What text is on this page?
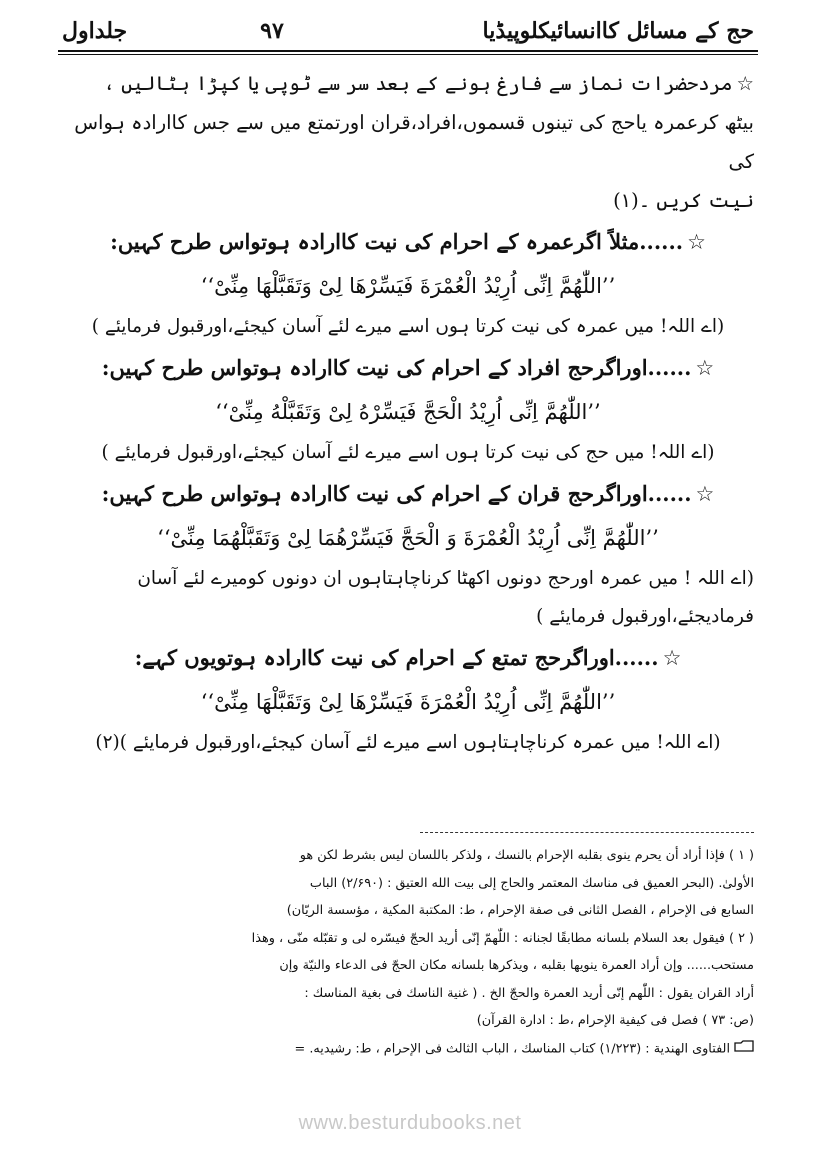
جلداول	۹۷	حج کے مسائل کاانسائیکلوپیڈیا

☆مردحضرات نماز سے فارغ ہونے کے بعد سر سے ٹوپی یا کپڑا ہٹالیں ،

بیٹھ کرعمرہ یاحج کی تینوں قسموں،افراد،قران اورتمتع میں سے جس کاارادہ ہواس کی

نیت کریں ۔(۱)

☆......مثلاً اگرعمرہ کے احرام کی نیت کاارادہ ہوتواس طرح کہیں:

’’اللّٰهُمَّ اِنِّی اُرِیْدُ الْعُمْرَةَ فَیَسِّرْهَا لِیْ وَتَقَبَّلْهَا مِنِّیْ‘‘

(اے اللہ! میں عمرہ کی نیت کرتا ہوں اسے میرے لئے آسان کیجئے،اورقبول فرمایئے )

☆......اوراگرحج افراد کے احرام کی نیت کاارادہ ہوتواس طرح کہیں:

’’اللّٰهُمَّ اِنِّی اُرِیْدُ الْحَجَّ فَیَسِّرْهُ لِیْ وَتَقَبَّلْهُ مِنِّیْ‘‘

(اے اللہ! میں حج کی نیت کرتا ہوں اسے میرے لئے آسان کیجئے،اورقبول فرمایئے )

☆......اوراگرحج قران کے احرام کی نیت کاارادہ ہوتواس طرح کہیں:

’’اللّٰهُمَّ اِنِّی اُرِیْدُ الْعُمْرَةَ وَ الْحَجَّ فَیَسِّرْهُمَا لِیْ وَتَقَبَّلْهُمَا مِنِّیْ‘‘

(اے اللہ ! میں عمرہ اورحج دونوں اکھٹا کرناچاہتاہوں ان دونوں کومیرے لئے آسان

فرمادیجئے،اورقبول فرمایئے )

☆......اوراگرحج تمتع کے احرام کی نیت کاارادہ ہوتویوں کہے:

’’اللّٰهُمَّ اِنِّی اُرِیْدُ الْعُمْرَةَ فَیَسِّرْهَا لِیْ وَتَقَبَّلْهَا مِنِّیْ‘‘

(اے اللہ! میں عمرہ کرناچاہتاہوں اسے میرے لئے آسان کیجئے،اورقبول فرمایئے )(۲)

( ۱ ) فإذا أراد أن يحرم ينوى بقلبه الإحرام بالنسك ، ولذكر باللسان ليس بشرط لكن هو

الأولىٰ. (البحر العميق فى مناسك المعتمر والحاج إلى بيت الله العتيق : (۲/۶۹۰) الباب

السابع فى الإحرام ، الفصل الثانى فى صفة الإحرام ، ط: المكتبة المكية ، مؤسسة الريّان)

( ۲ ) فيقول بعد السلام بلسانه مطابقًا لجنانه : اللّٰهمّ إنّى أريد الحجّ فيسّره لى و تقبّله منّى ، وهذا

مستحب...... وإن أراد العمرة ينويها بقلبه ، ويذكرها بلسانه مكان الحجّ فى الدعاء والنيّة وإن

أراد القران يقول : اللّٰهم إنّى أريد العمرة والحجّ الخ . ( غنية الناسك فى بغية المناسك :

(ص: ۷۳ ) فصل فى كيفية الإحرام ،ط : ادارة القرآن)

الفتاوى الهندية : (۱/۲۲۳) كتاب المناسك ، الباب الثالث فى الإحرام ، ط: رشيديه. =

www.besturdubooks.net
